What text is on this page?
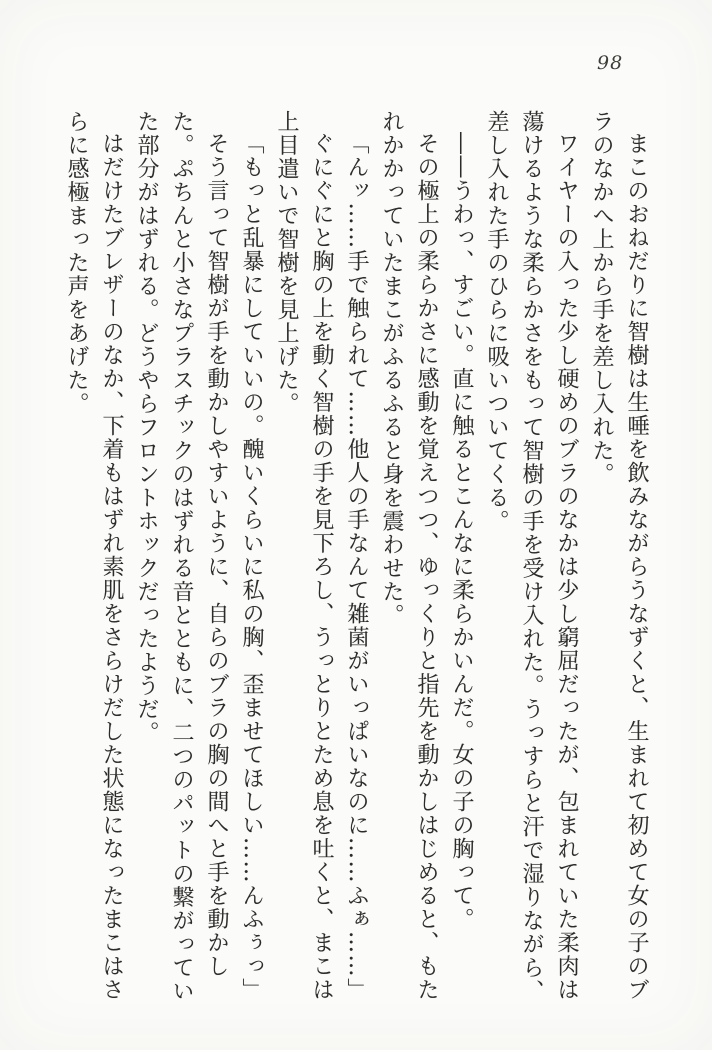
98

まこのおねだりに智樹は生唾を飲みながらうなずくと、生まれて初めて女の子のブラのなかへ上から手を差し入れた。

ワイヤーの入った少し硬めのブラのなかは少し窮屈だったが、包まれていた柔肉は蕩けるような柔らかさをもって智樹の手を受け入れた。うっすらと汗で湿りながら、差し入れた手のひらに吸いついてくる。

――うわっ、すごい。直に触るとこんなに柔らかいんだ。女の子の胸って。

その極上の柔らかさに感動を覚えつつ、ゆっくりと指先を動かしはじめると、もたれかかっていたまこがふるふると身を震わせた。

「んッ……手で触られて……他人の手なんて雑菌がいっぱいなのに……ふぁ……」

ぐにぐにと胸の上を動く智樹の手を見下ろし、うっとりとため息を吐くと、まこは上目遣いで智樹を見上げた。

「もっと乱暴にしていいの。醜いくらいに私の胸、歪ませてほしい……んふぅっ」

そう言って智樹が手を動かしやすいように、自らのブラの胸の間へと手を動かした。ぷちんと小さなプラスチックのはずれる音とともに、二つのパットの繋がっていた部分がはずれる。どうやらフロントホックだったようだ。

はだけたブレザーのなか、下着もはずれ素肌をさらけだした状態になったまこはさらに感極まった声をあげた。
